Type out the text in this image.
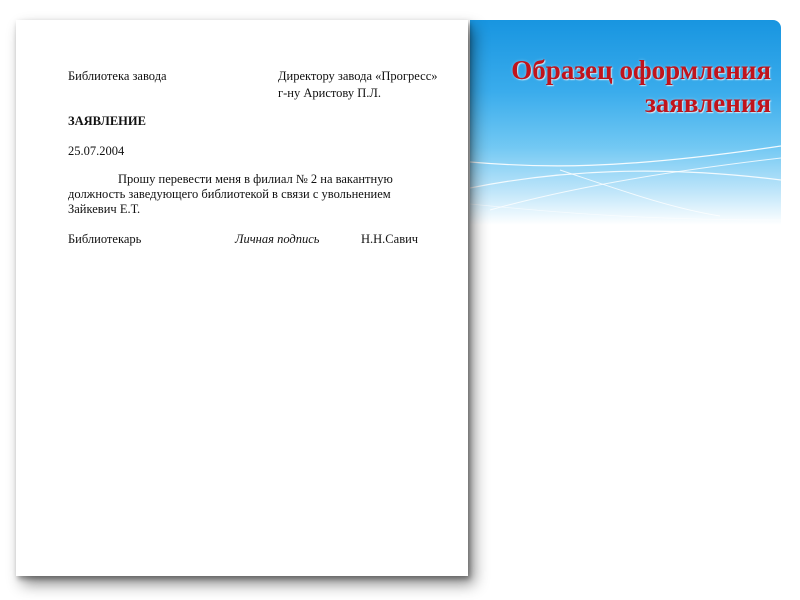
Образец оформления
заявления
Библиотека завода	Директору завода «Прогресс»
г-ну Аристову П.Л.
ЗАЯВЛЕНИЕ
25.07.2004
Прошу перевести меня в филиал № 2 на вакантную
должность заведующего библиотекой в связи с увольнением
Зайкевич Е.Т.
Библиотекарь	Личная подпись	Н.Н.Савич
